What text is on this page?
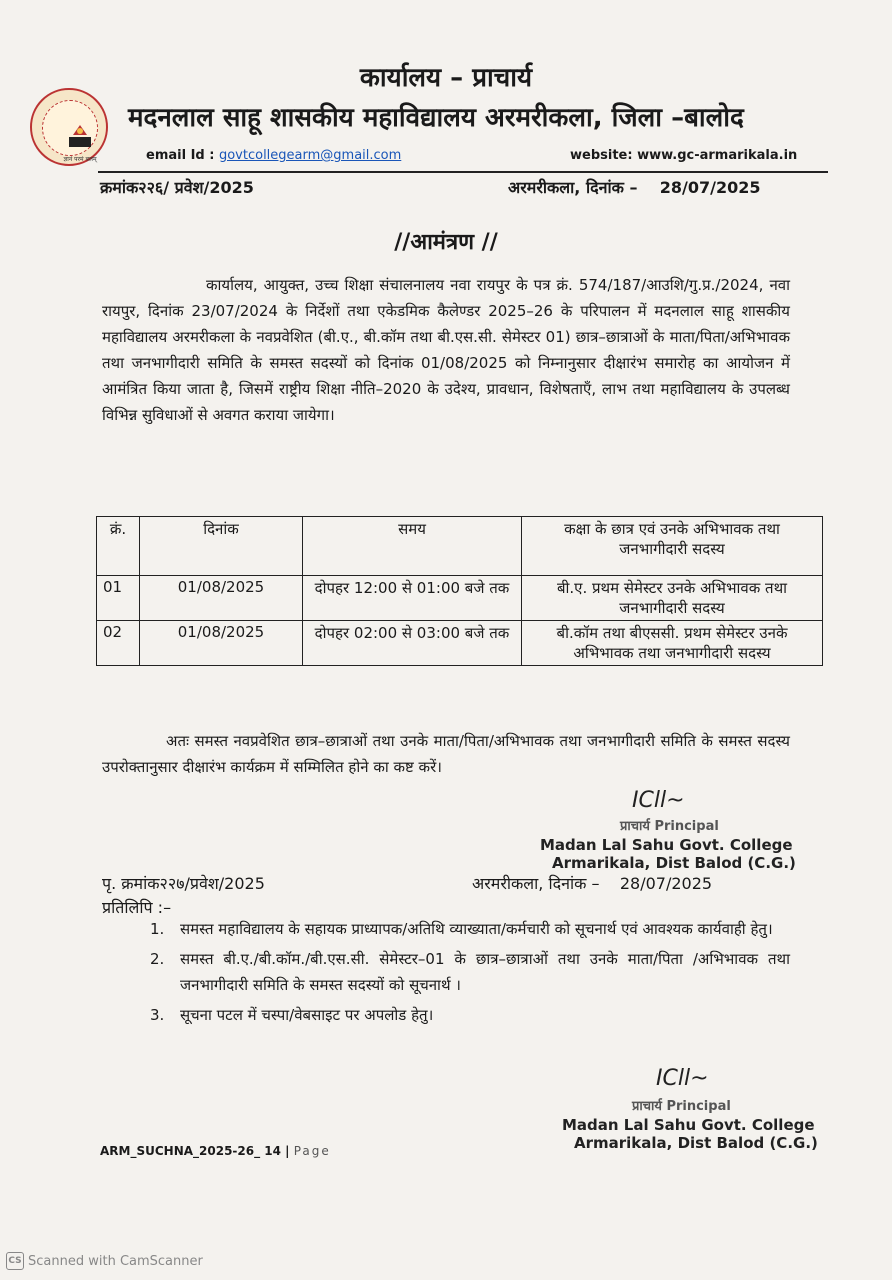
ज्ञानं परमं बलम्
कार्यालय – प्राचार्य
मदनलाल साहू शासकीय महाविद्यालय अरमरीकला, जिला –बालोद
email Id : govtcollegearm@gmail.com	website: www.gc-armarikala.in
क्रमांक२२६/ प्रवेश/2025	अरमरीकला, दिनांक –    28/07/2025
//आमंत्रण //
कार्यालय, आयुक्त, उच्च शिक्षा संचालनालय नवा रायपुर के पत्र क्रं. 574/187/आउशि/गु.प्र./2024, नवा रायपुर, दिनांक 23/07/2024 के निर्देशों तथा एकेडमिक कैलेण्डर 2025–26 के परिपालन में मदनलाल साहू शासकीय महाविद्यालय अरमरीकला के नवप्रवेशित (बी.ए., बी.कॉम तथा बी.एस.सी. सेमेस्टर 01) छात्र–छात्राओं के माता/पिता/अभिभावक तथा जनभागीदारी समिति के समस्त सदस्यों को दिनांक 01/08/2025 को निम्नानुसार दीक्षारंभ समारोह का आयोजन में आमंत्रित किया जाता है, जिसमें राष्ट्रीय शिक्षा नीति–2020 के उदेश्य, प्रावधान, विशेषताऍं, लाभ तथा महाविद्यालय के उपलब्ध विभिन्न सुविधाओं से अवगत कराया जायेगा।
क्रं.	दिनांक	समय	कक्षा के छात्र एवं उनके अभिभावक तथा जनभागीदारी सदस्य
01	01/08/2025	दोपहर 12:00 से 01:00 बजे तक	बी.ए. प्रथम सेमेस्टर उनके अभिभावक तथा जनभागीदारी सदस्य
02	01/08/2025	दोपहर 02:00 से 03:00 बजे तक	बी.कॉम तथा बीएससी. प्रथम सेमेस्टर उनके अभिभावक तथा जनभागीदारी सदस्य
अतः समस्त नवप्रवेशित छात्र–छात्राओं तथा उनके माता/पिता/अभिभावक तथा जनभागीदारी समिति के समस्त सदस्य उपरोक्तानुसार दीक्षारंभ कार्यक्रम में सम्मिलित होने का कष्ट करें।
ICll~
प्राचार्य Principal
Madan Lal Sahu Govt. College
Armarikala, Dist Balod (C.G.)
पृ. क्रमांक२२७/प्रवेश/2025	अरमरीकला, दिनांक –    28/07/2025
प्रतिलिपि :–
1.	समस्त महाविद्यालय के सहायक प्राध्यापक/अतिथि व्याख्याता/कर्मचारी को सूचनार्थ एवं आवश्यक कार्यवाही हेतु।
2.	समस्त बी.ए./बी.कॉम./बी.एस.सी. सेमेस्टर–01 के छात्र–छात्राओं तथा उनके माता/पिता /अभिभावक तथा जनभागीदारी समिति के समस्त सदस्यों को सूचनार्थ ।
3.	सूचना पटल में चस्पा/वेबसाइट पर अपलोड हेतु।
ICll~
प्राचार्य Principal
Madan Lal Sahu Govt. College
Armarikala, Dist Balod (C.G.)
ARM_SUCHNA_2025-26_ 14 | Page
CS Scanned with CamScanner
